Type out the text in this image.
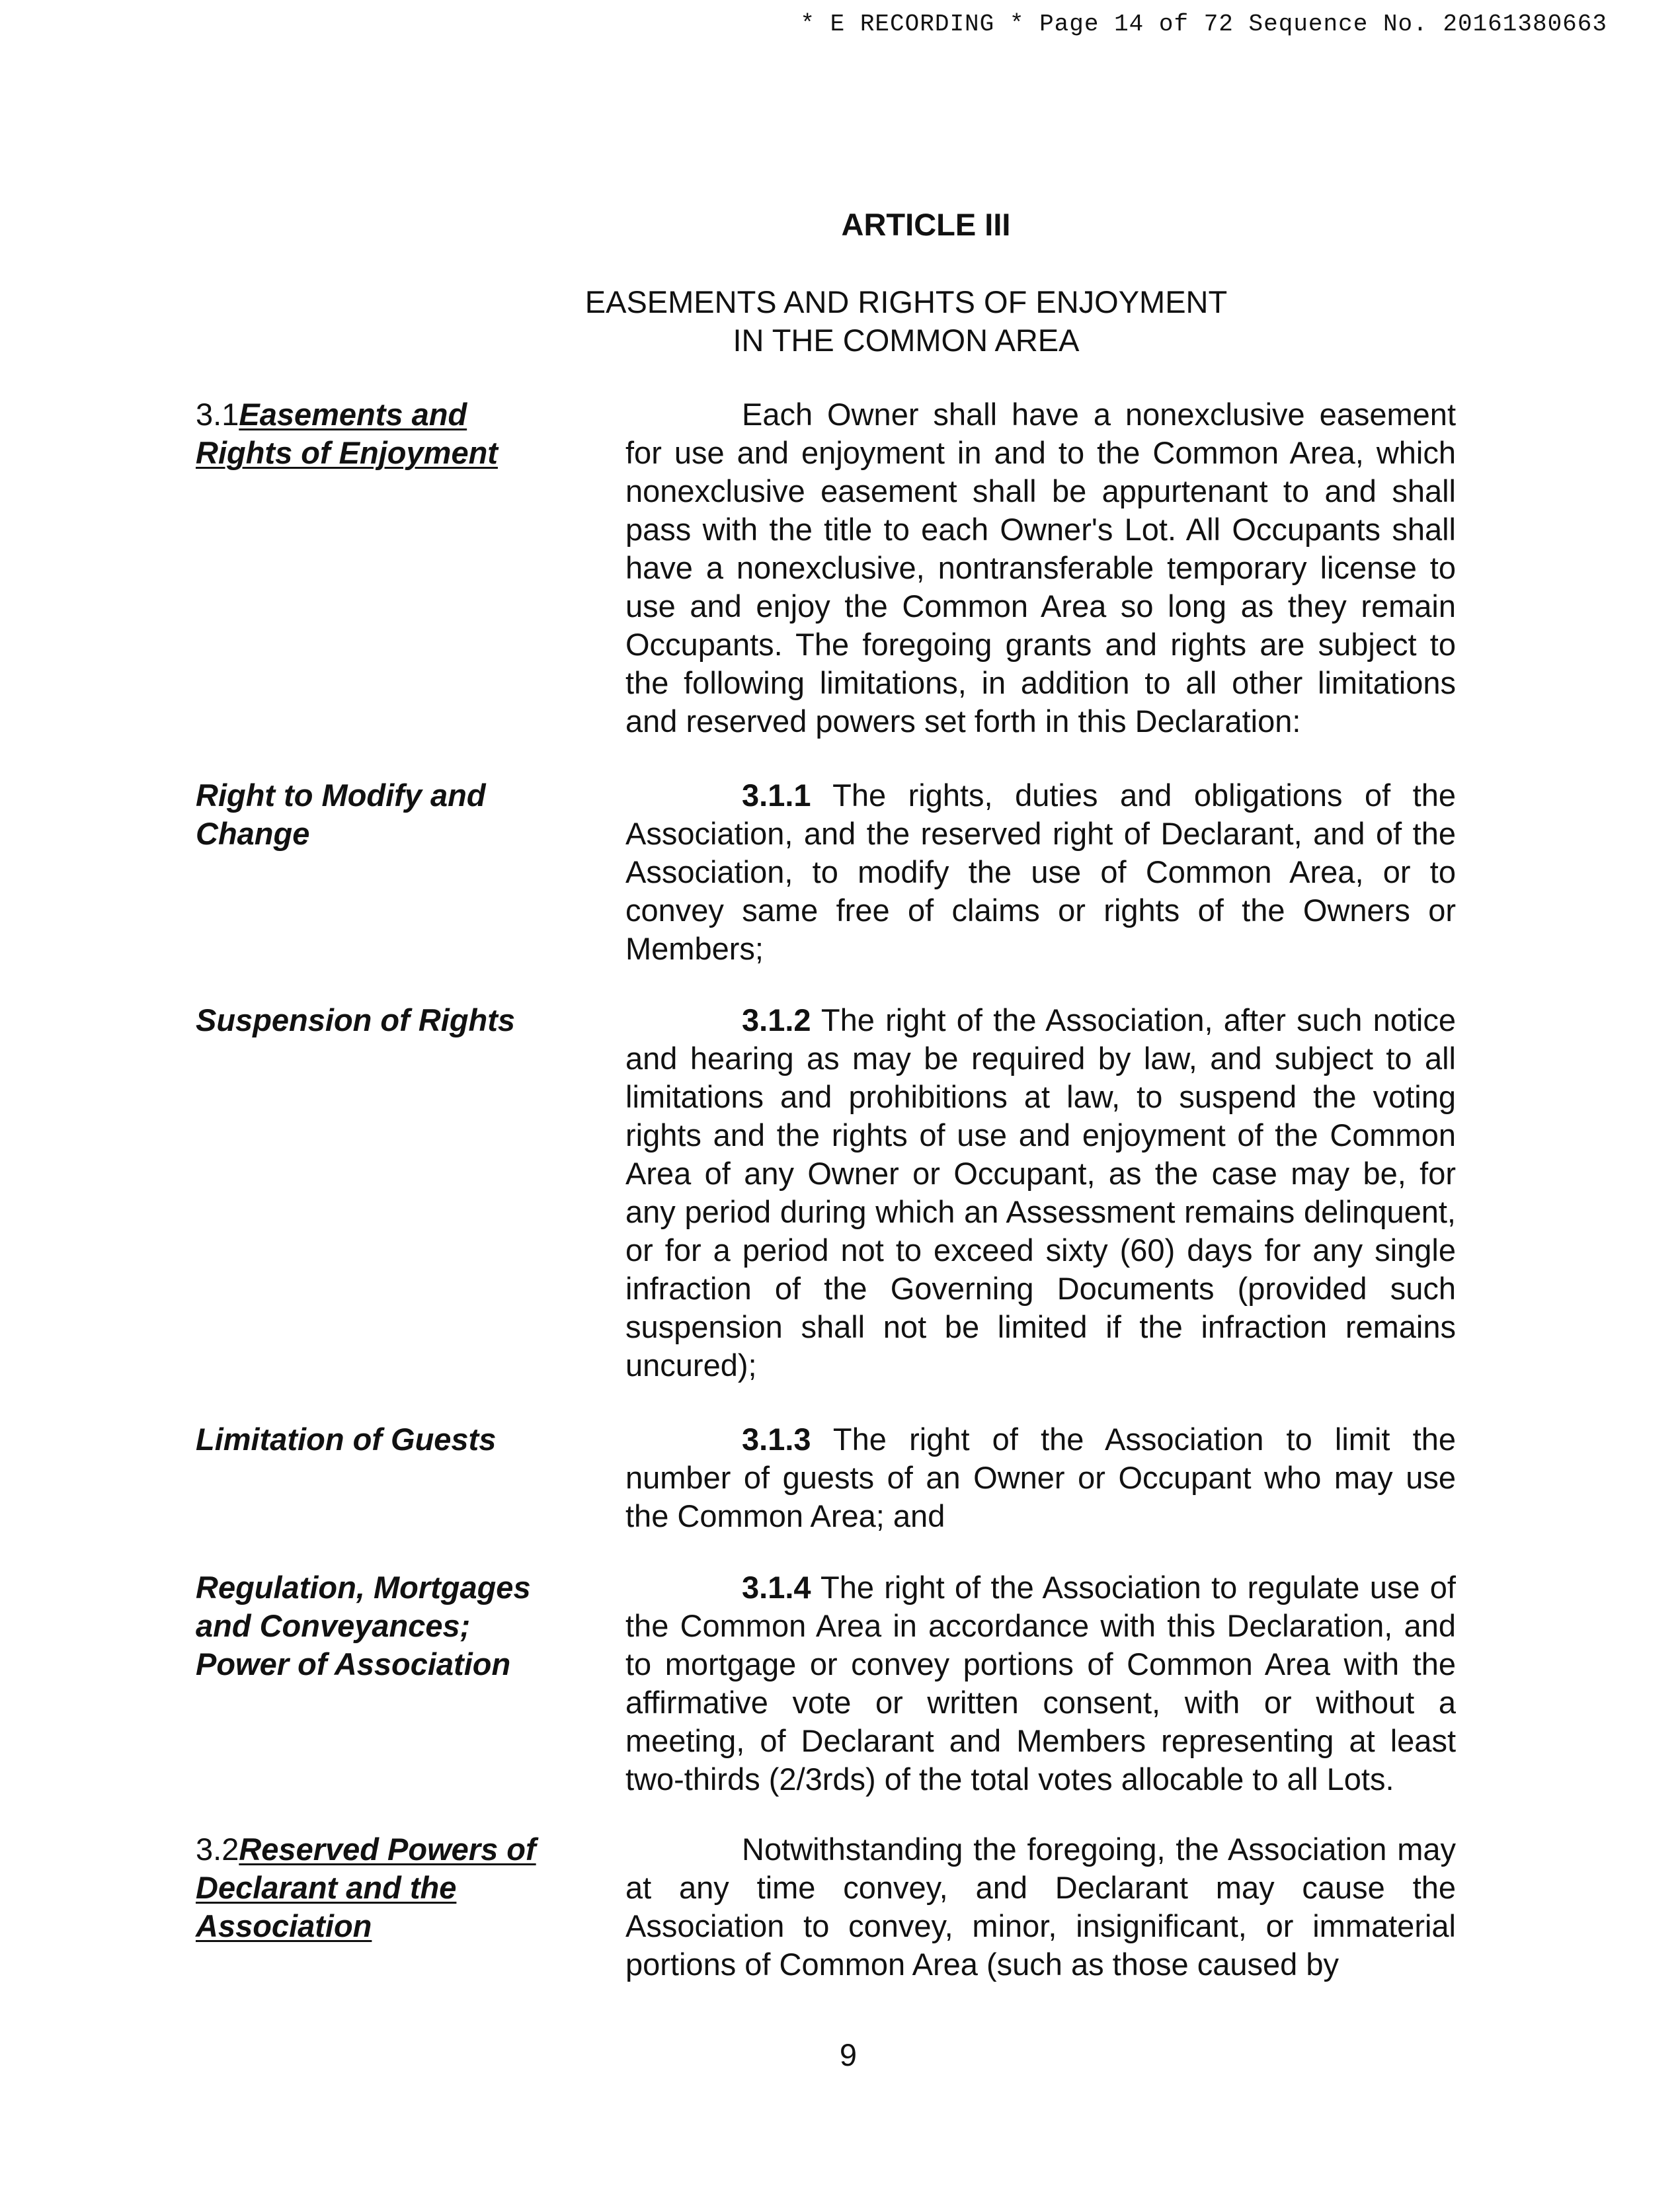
* E RECORDING * Page 14 of 72 Sequence No. 20161380663
ARTICLE III
EASEMENTS AND RIGHTS OF ENJOYMENT
IN THE COMMON AREA
3.1Easements and
Rights of Enjoyment
Each Owner shall have a nonexclusive easement for use and enjoyment in and to the Common Area, which nonexclusive easement shall be appurtenant to and shall pass with the title to each Owner's Lot. All Occupants shall have a nonexclusive, nontransferable temporary license to use and enjoy the Common Area so long as they remain Occupants. The foregoing grants and rights are subject to the following limitations, in addition to all other limitations and reserved powers set forth in this Declaration:
Right to Modify and
Change
3.1.1 The rights, duties and obligations of the Association, and the reserved right of Declarant, and of the Association, to modify the use of Common Area, or to convey same free of claims or rights of the Owners or Members;
Suspension of Rights	3.1.2 The right of the Association, after such notice and hearing as may be required by law, and subject to all limitations and prohibitions at law, to suspend the voting rights and the rights of use and enjoyment of the Common Area of any Owner or Occupant, as the case may be, for any period during which an Assessment remains delinquent, or for a period not to exceed sixty (60) days for any single infraction of the Governing Documents (provided such suspension shall not be limited if the infraction remains uncured);
Limitation of Guests	3.1.3 The right of the Association to limit the number of guests of an Owner or Occupant who may use the Common Area; and
Regulation, Mortgages
and Conveyances;
Power of Association
3.1.4 The right of the Association to regulate use of the Common Area in accordance with this Declaration, and to mortgage or convey portions of Common Area with the affirmative vote or written consent, with or without a meeting, of Declarant and Members representing at least two-thirds (2/3rds) of the total votes allocable to all Lots.
3.2Reserved Powers of
Declarant and the
Association
Notwithstanding the foregoing, the Association may at any time convey, and Declarant may cause the Association to convey, minor, insignificant, or immaterial portions of Common Area (such as those caused by
9
